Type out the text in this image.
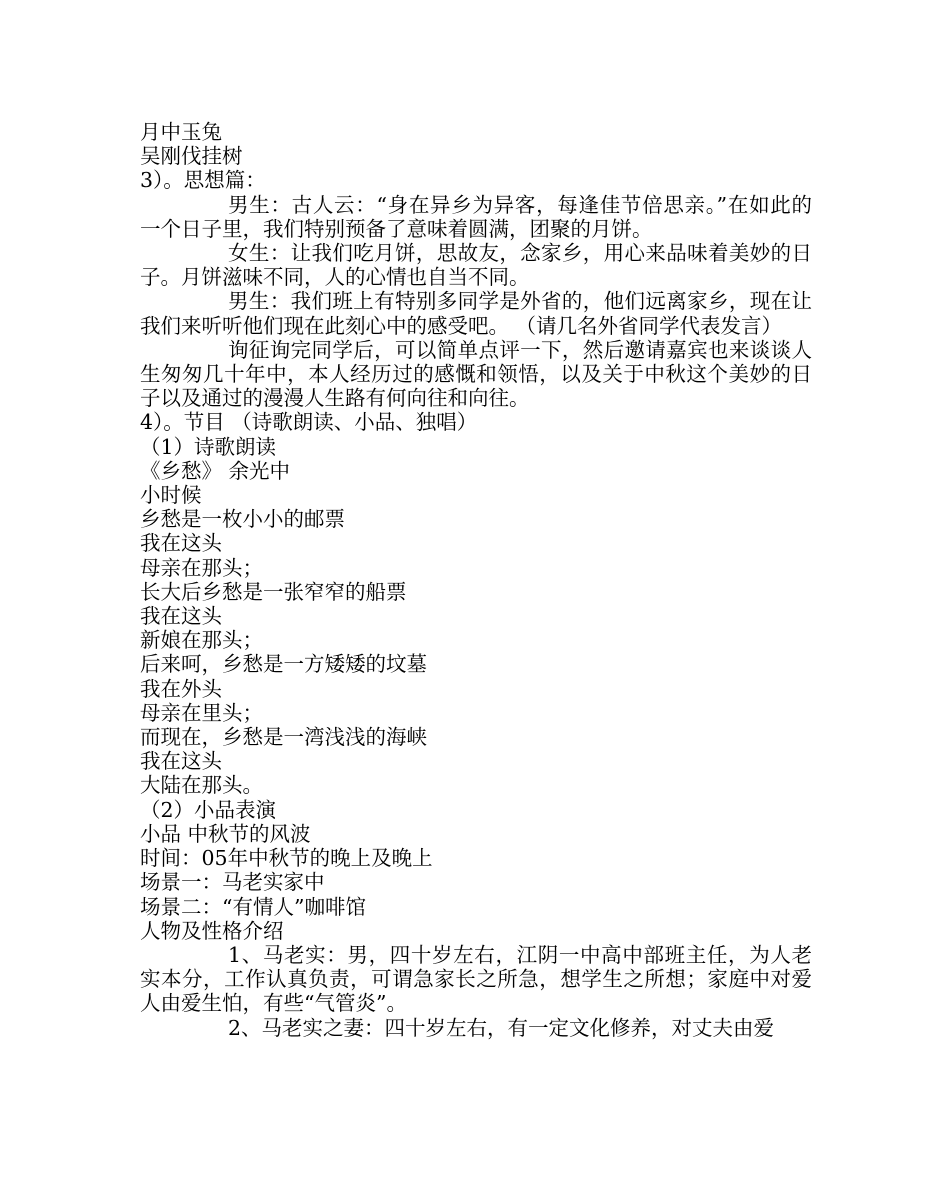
月中玉兔

吴刚伐挂树

3）。思想篇：

男生：古人云：“身在异乡为异客，每逢佳节倍思亲。”在如此的一个日子里，我们特别预备了意味着圆满，团聚的月饼。

女生：让我们吃月饼，思故友，念家乡，用心来品味着美妙的日子。月饼滋味不同，人的心情也自当不同。

男生：我们班上有特别多同学是外省的，他们远离家乡，现在让我们来听听他们现在此刻心中的感受吧。 （请几名外省同学代表发言）

询征询完同学后，可以简单点评一下，然后邀请嘉宾也来谈谈人生匆匆几十年中，本人经历过的感慨和领悟，以及关于中秋这个美妙的日子以及通过的漫漫人生路有何向往和向往。

4）。节目 （诗歌朗读、小品、独唱）

（1）诗歌朗读

《乡愁》 余光中

小时候

乡愁是一枚小小的邮票

我在这头

母亲在那头；

长大后乡愁是一张窄窄的船票

我在这头

新娘在那头；

后来呵，乡愁是一方矮矮的坟墓

我在外头

母亲在里头；

而现在，乡愁是一湾浅浅的海峡

我在这头

大陆在那头。

（2）小品表演

小品 中秋节的风波

时间：05年中秋节的晚上及晚上

场景一：马老实家中

场景二：“有情人”咖啡馆

人物及性格介绍

1、马老实：男，四十岁左右，江阴一中高中部班主任，为人老实本分，工作认真负责，可谓急家长之所急，想学生之所想；家庭中对爱人由爱生怕，有些“气管炎”。

2、马老实之妻：四十岁左右，有一定文化修养，对丈夫由爱
